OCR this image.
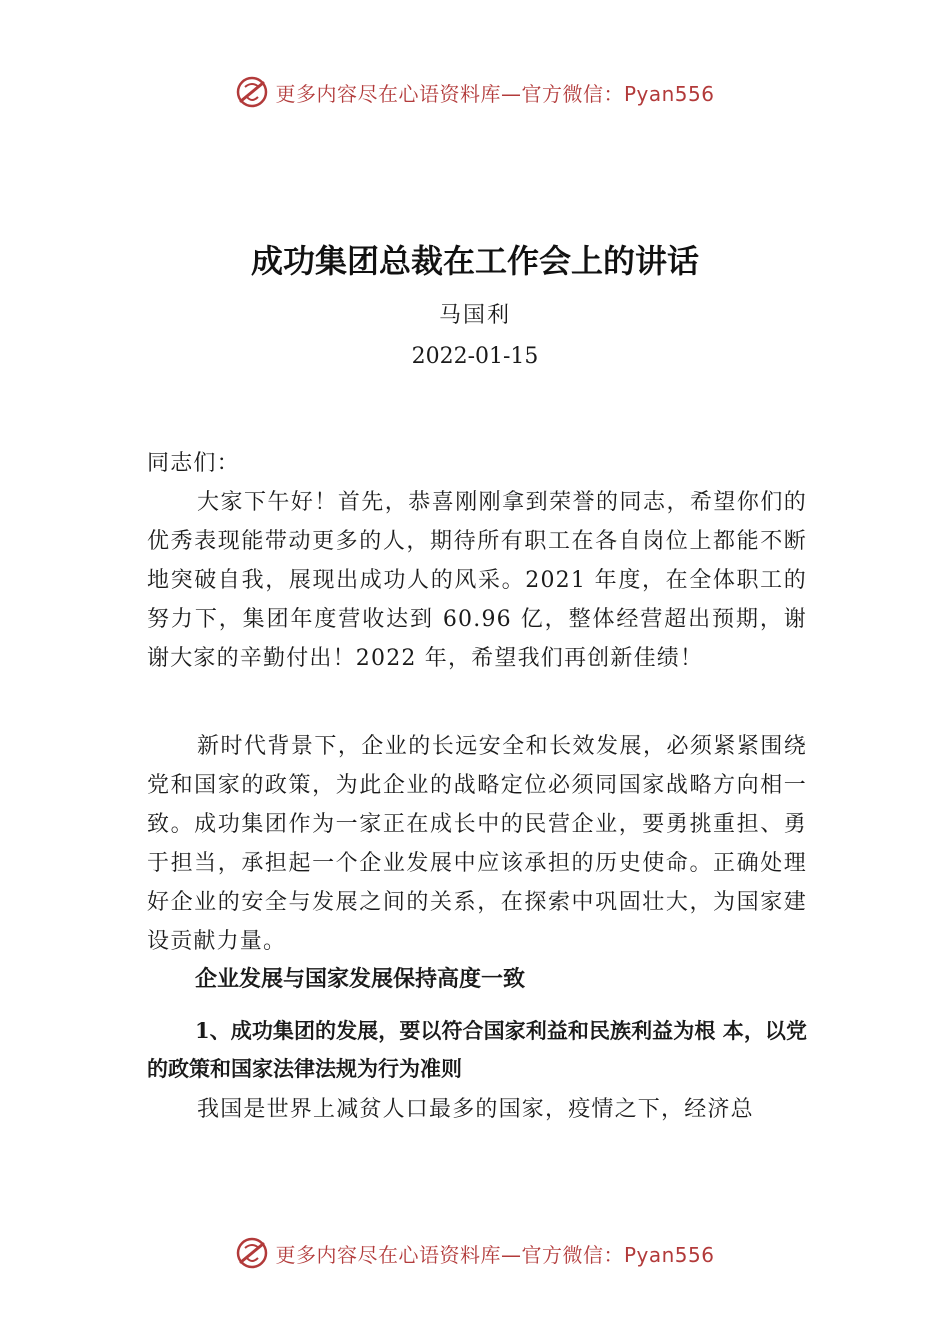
更多内容尽在心语资料库—官方微信：Pyan556
成功集团总裁在工作会上的讲话
马国利
2022-01-15
同志们：
大家下午好！首先，恭喜刚刚拿到荣誉的同志，希望你们的优秀表现能带动更多的人，期待所有职工在各自岗位上都能不断地突破自我，展现出成功人的风采。2021 年度，在全体职工的努力下，集团年度营收达到 60.96 亿，整体经营超出预期，谢谢大家的辛勤付出！2022 年，希望我们再创新佳绩！
新时代背景下，企业的长远安全和长效发展，必须紧紧围绕党和国家的政策，为此企业的战略定位必须同国家战略方向相一致。成功集团作为一家正在成长中的民营企业，要勇挑重担、勇于担当，承担起一个企业发展中应该承担的历史使命。正确处理好企业的安全与发展之间的关系，在探索中巩固壮大，为国家建设贡献力量。
企业发展与国家发展保持高度一致
1、成功集团的发展，要以符合国家利益和民族利益为根 本，以党的政策和国家法律法规为行为准则
我国是世界上减贫人口最多的国家，疫情之下，经济总
更多内容尽在心语资料库—官方微信：Pyan556
